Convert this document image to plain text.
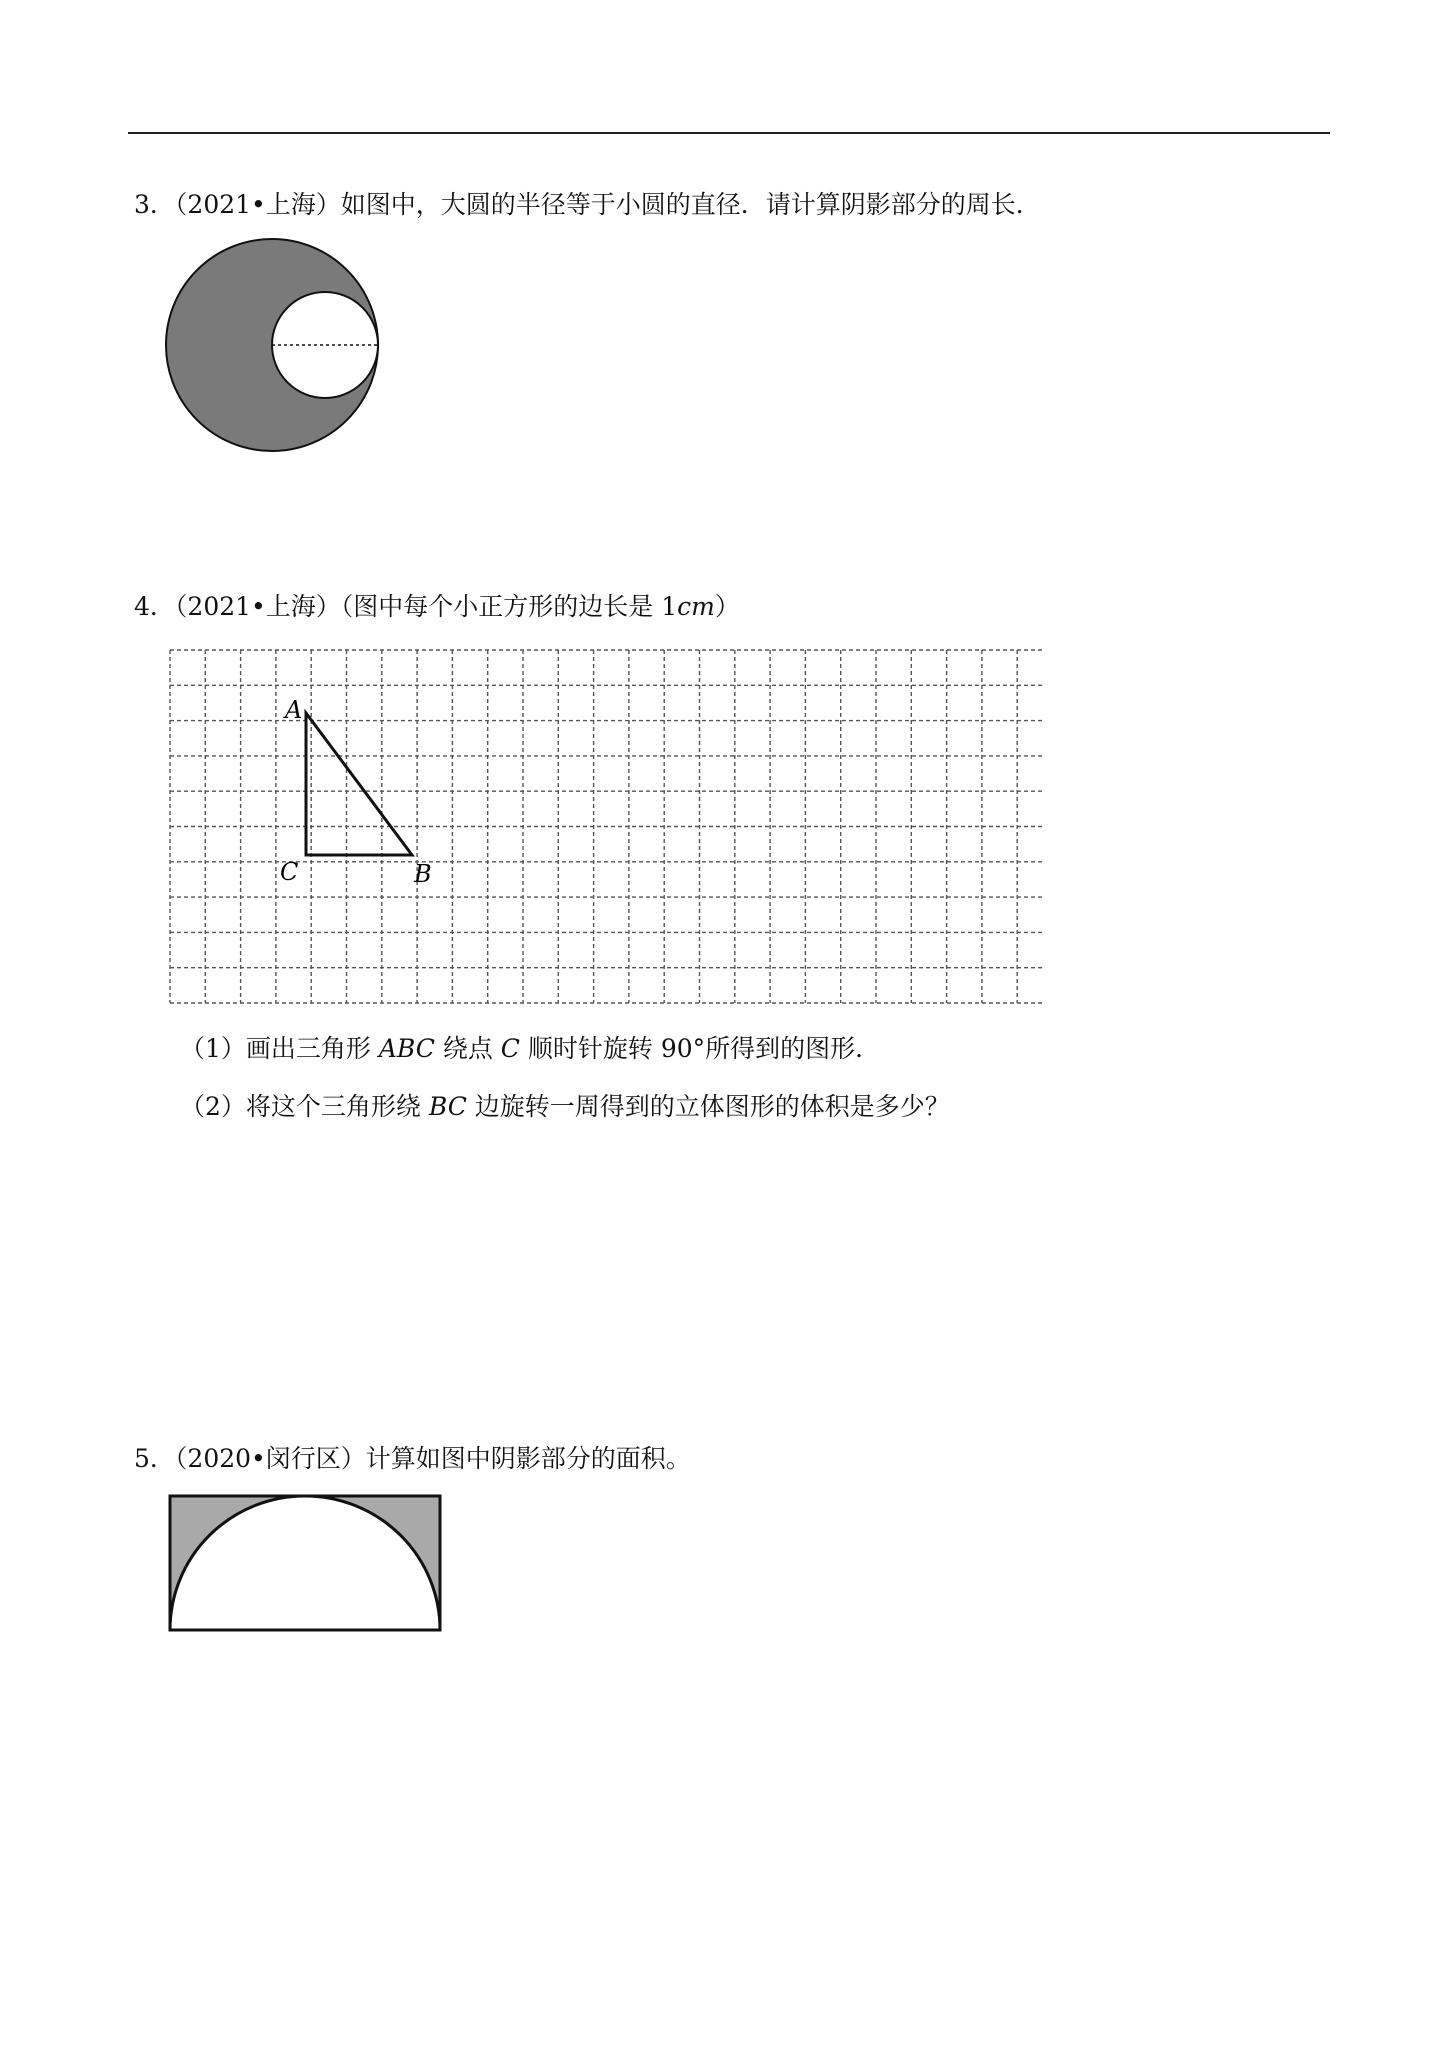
3．（2021•上海）如图中，大圆的半径等于小圆的直径．请计算阴影部分的周长．
4．（2021•上海）（图中每个小正方形的边长是 1cm）
A
B
C
（1）画出三角形 ABC 绕点 C 顺时针旋转 90°所得到的图形．
（2）将这个三角形绕 BC 边旋转一周得到的立体图形的体积是多少？
5．（2020•闵行区）计算如图中阴影部分的面积。
